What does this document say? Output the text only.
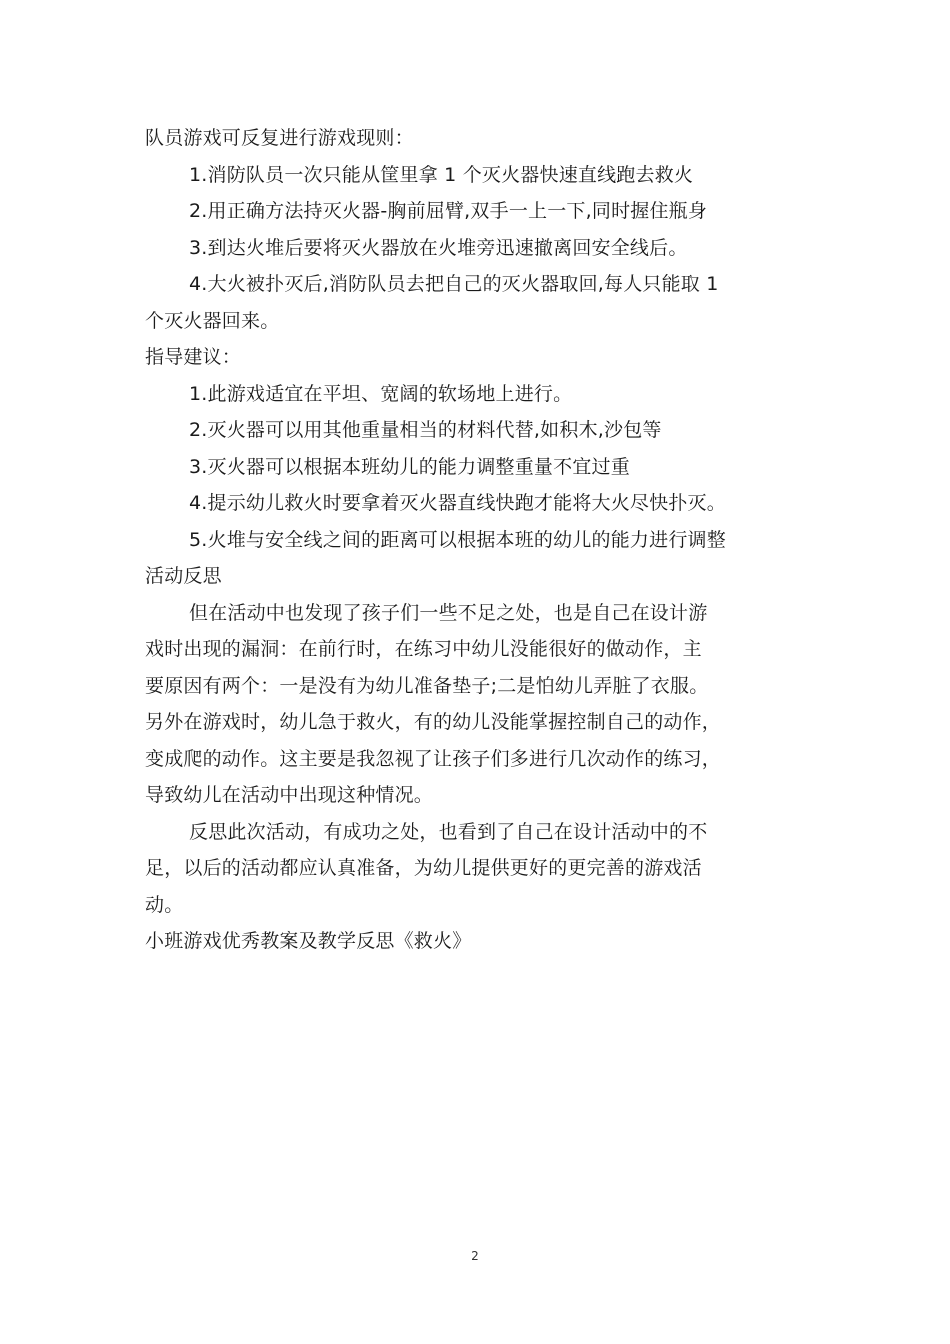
队员游戏可反复进行游戏现则：

1.消防队员一次只能从筐里拿 1 个灭火器快速直线跑去救火

2.用正确方法持灭火器-胸前屈臂,双手一上一下,同时握住瓶身

3.到达火堆后要将灭火器放在火堆旁迅速撤离回安全线后。

4.大火被扑灭后,消防队员去把自己的灭火器取回,每人只能取 1

个灭火器回来。

指导建议：

1.此游戏适宜在平坦、宽阔的软场地上进行。

2.灭火器可以用其他重量相当的材料代替,如积木,沙包等

3.灭火器可以根据本班幼儿的能力调整重量不宜过重

4.提示幼儿救火时要拿着灭火器直线快跑才能将大火尽快扑灭。

5.火堆与安全线之间的距离可以根据本班的幼儿的能力进行调整

活动反思

但在活动中也发现了孩子们一些不足之处，也是自己在设计游
戏时出现的漏洞：在前行时，在练习中幼儿没能很好的做动作，主
要原因有两个：一是没有为幼儿准备垫子;二是怕幼儿弄脏了衣服。
另外在游戏时，幼儿急于救火，有的幼儿没能掌握控制自己的动作，
变成爬的动作。这主要是我忽视了让孩子们多进行几次动作的练习，
导致幼儿在活动中出现这种情况。
反思此次活动，有成功之处，也看到了自己在设计活动中的不
足，以后的活动都应认真准备，为幼儿提供更好的更完善的游戏活
动。

小班游戏优秀教案及教学反思《救火》

2
